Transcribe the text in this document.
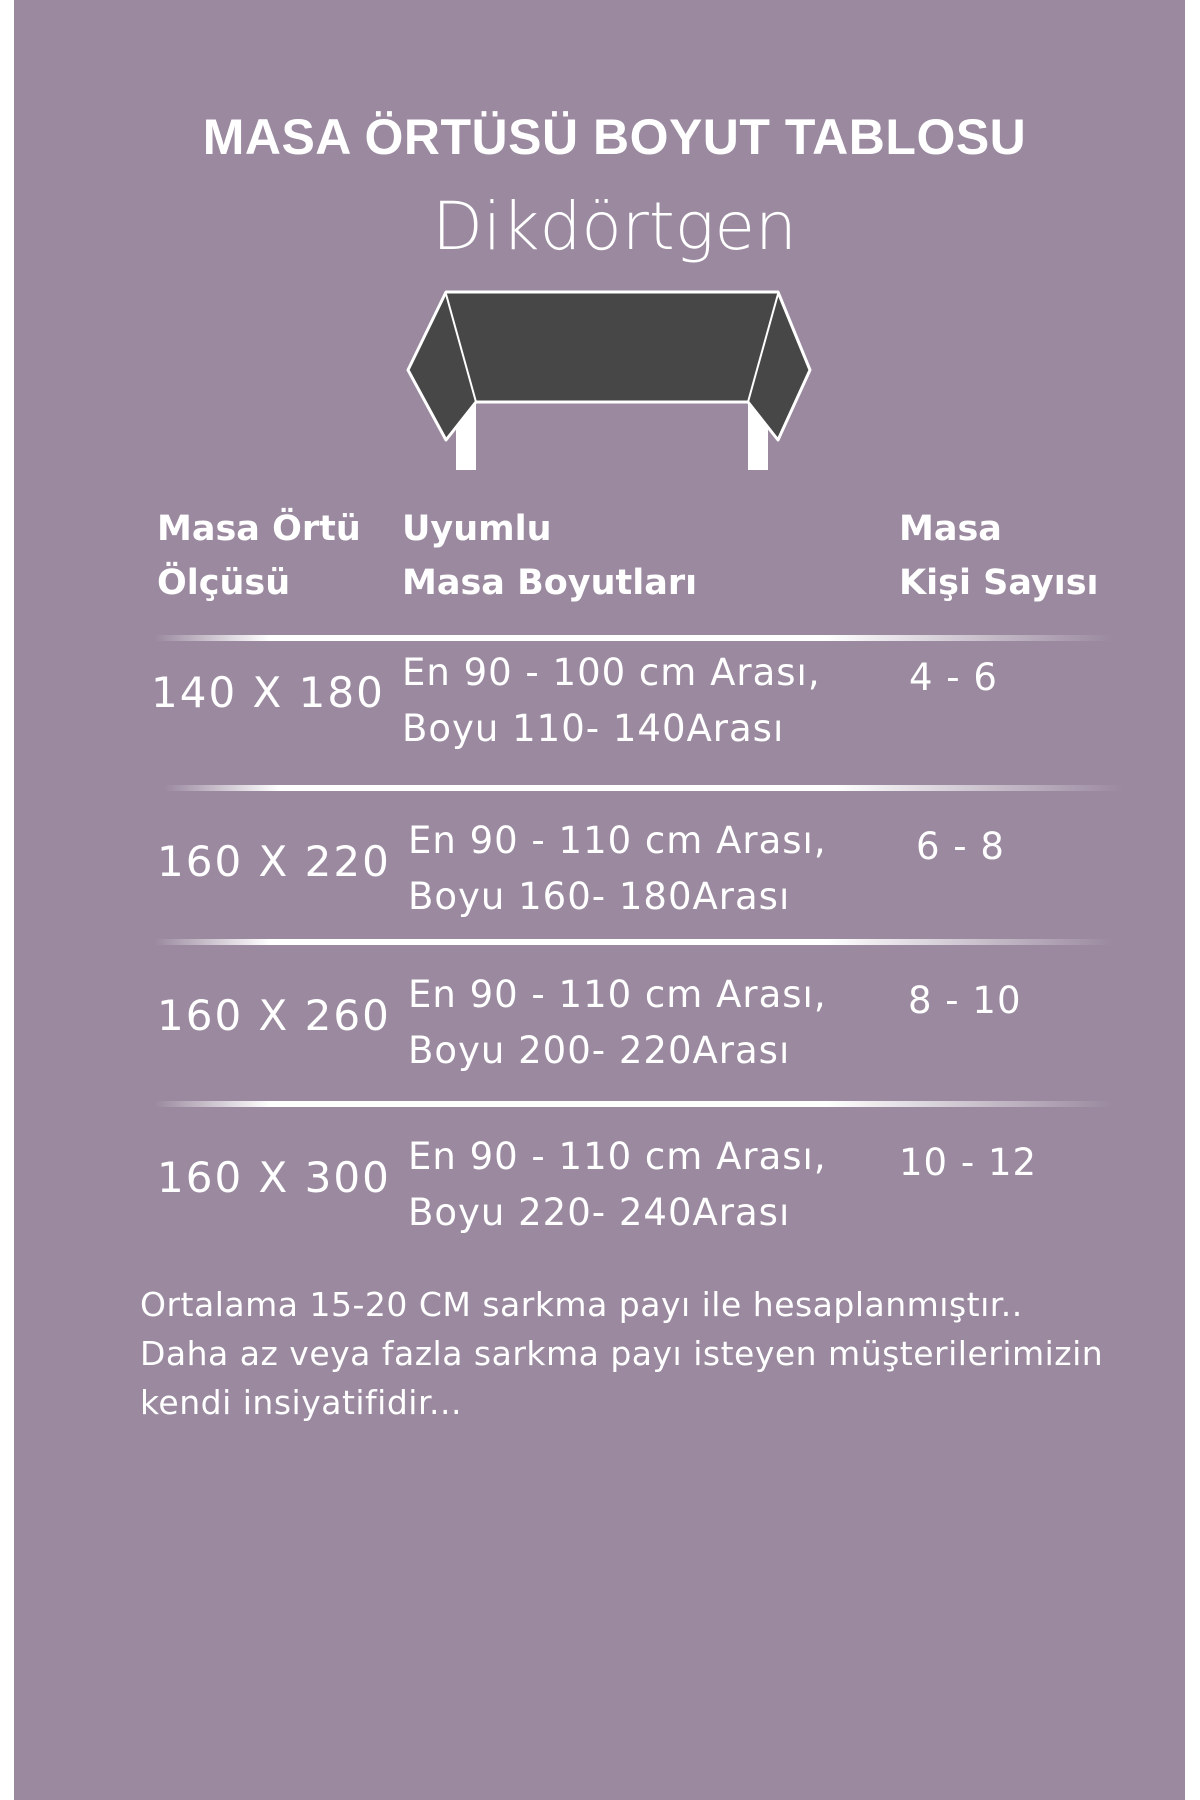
MASA ÖRTÜSÜ BOYUT TABLOSU
Dikdörtgen
Masa Örtü
Ölçüsü
Uyumlu
Masa Boyutları
Masa
Kişi Sayısı
140 X 180 En 90 - 100 cm Arası,
Boyu 110- 140Arası
4 - 6
160 X 220 En 90 - 110 cm Arası,
Boyu 160- 180Arası
6 - 8
160 X 260 En 90 - 110 cm Arası,
Boyu 200- 220Arası
8 - 10
160 X 300 En 90 - 110 cm Arası,
Boyu 220- 240Arası
10 - 12
Ortalama 15-20 CM sarkma payı ile hesaplanmıştır..
Daha az veya fazla sarkma payı isteyen müşterilerimizin
kendi insiyatifidir...
